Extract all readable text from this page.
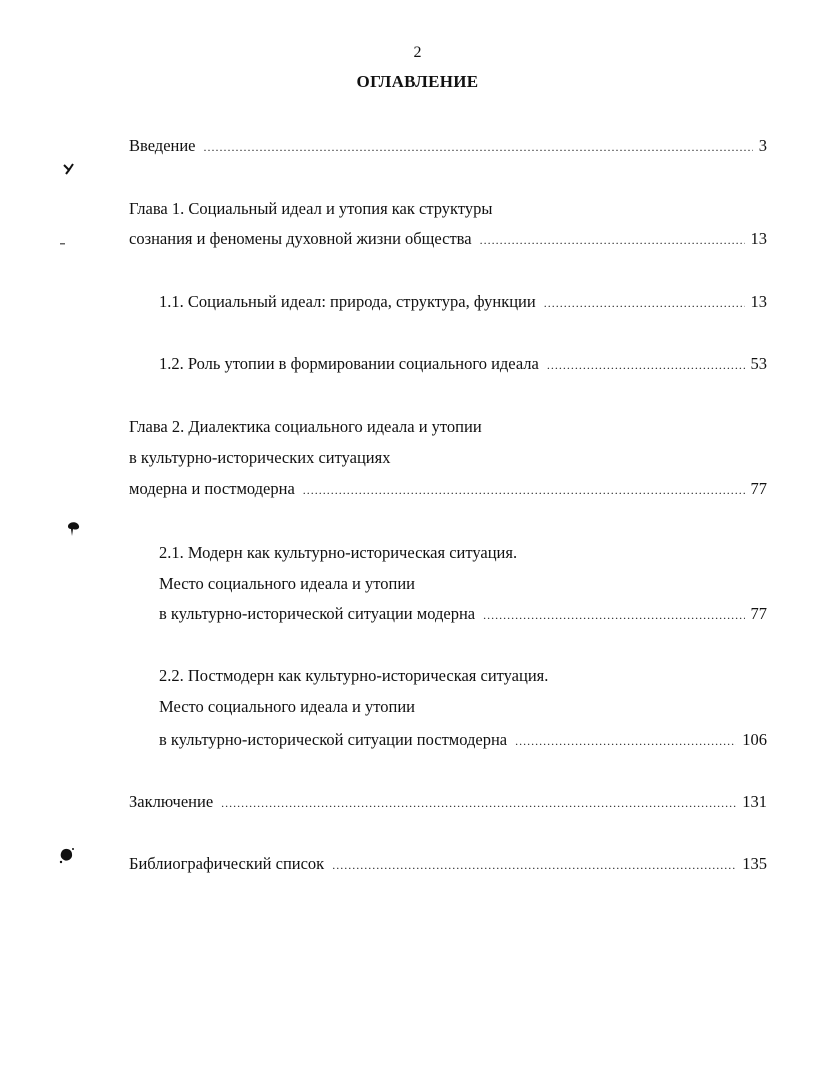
2
ОГЛАВЛЕНИЕ
Введение .....	3
Глава 1. Социальный идеал и утопия как структуры
сознания и феномены духовной жизни общества .....	13
1.1. Социальный идеал: природа, структура, функции .....	13
1.2. Роль утопии в формировании социального идеала .....	53
Глава 2. Диалектика социального идеала и утопии
в культурно-исторических ситуациях
модерна и постмодерна .....	77
2.1. Модерн как культурно-историческая ситуация.
Место социального идеала и утопии
в культурно-исторической ситуации модерна .....	77
2.2. Постмодерн как культурно-историческая ситуация.
Место социального идеала и утопии
в культурно-исторической ситуации постмодерна .....	106
Заключение .....	131
Библиографический список .....	135
